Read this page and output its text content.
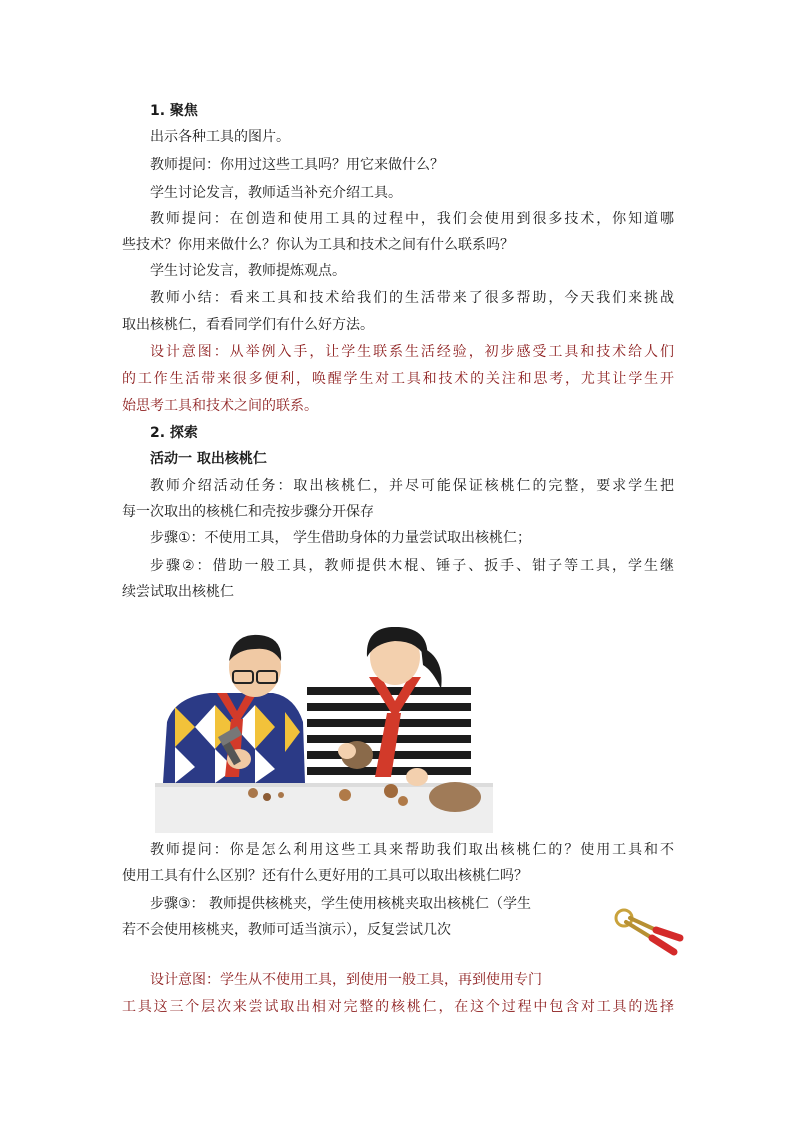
1. 聚焦
出示各种工具的图片。
教师提问：你用过这些工具吗？用它来做什么？
学生讨论发言，教师适当补充介绍工具。
教师提问：在创造和使用工具的过程中，我们会使用到很多技术，你知道哪
些技术？你用来做什么？你认为工具和技术之间有什么联系吗？
学生讨论发言，教师提炼观点。
教师小结：看来工具和技术给我们的生活带来了很多帮助，今天我们来挑战
取出核桃仁，看看同学们有什么好方法。
设计意图：从举例入手，让学生联系生活经验，初步感受工具和技术给人们
的工作生活带来很多便利，唤醒学生对工具和技术的关注和思考，尤其让学生开
始思考工具和技术之间的联系。
2. 探索
活动一 取出核桃仁
教师介绍活动任务：取出核桃仁，并尽可能保证核桃仁的完整，要求学生把
每一次取出的核桃仁和壳按步骤分开保存
步骤①：不使用工具， 学生借助身体的力量尝试取出核桃仁；
步骤②：借助一般工具，教师提供木棍、锤子、扳手、钳子等工具，学生继
续尝试取出核桃仁
教师提问：你是怎么利用这些工具来帮助我们取出核桃仁的？使用工具和不
使用工具有什么区别？还有什么更好用的工具可以取出核桃仁吗？
步骤③： 教师提供核桃夹，学生使用核桃夹取出核桃仁（学生
若不会使用核桃夹，教师可适当演示），反复尝试几次
设计意图：学生从不使用工具，到使用一般工具，再到使用专门
工具这三个层次来尝试取出相对完整的核桃仁，在这个过程中包含对工具的选择
